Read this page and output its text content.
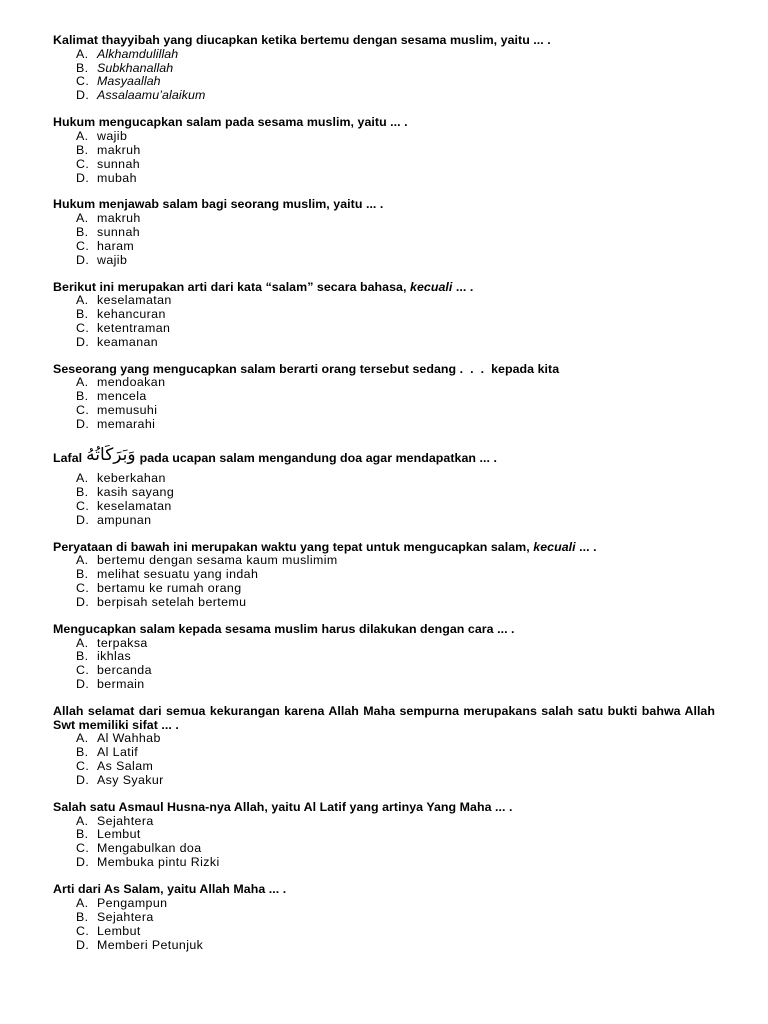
Kalimat thayyibah yang diucapkan ketika bertemu dengan sesama muslim, yaitu ... .
A. Alkhamdulillah
B. Subkhanallah
C. Masyaallah
D. Assalaamu’alaikum
Hukum mengucapkan salam pada sesama muslim, yaitu ... .
A. wajib
B. makruh
C. sunnah
D. mubah
Hukum menjawab salam bagi seorang muslim, yaitu ... .
A. makruh
B. sunnah
C. haram
D. wajib
Berikut ini merupakan arti dari kata “salam” secara bahasa, kecuali ... .
A. keselamatan
B. kehancuran
C. ketentraman
D. keamanan
Seseorang yang mengucapkan salam berarti orang tersebut sedang .  .  .  kepada kita
A. mendoakan
B. mencela
C. memusuhi
D. memarahi
Lafal وَبَرَكَاتُهُ pada ucapan salam mengandung doa agar mendapatkan ... .
A. keberkahan
B. kasih sayang
C. keselamatan
D. ampunan
Peryataan di bawah ini merupakan waktu yang tepat untuk mengucapkan salam, kecuali ... .
A. bertemu dengan sesama kaum muslimim
B. melihat sesuatu yang indah
C. bertamu ke rumah orang
D. berpisah setelah bertemu
Mengucapkan salam kepada sesama muslim harus dilakukan dengan cara ... .
A. terpaksa
B. ikhlas
C. bercanda
D. bermain
Allah selamat dari semua kekurangan karena Allah Maha sempurna merupakans salah satu bukti bahwa Allah Swt memiliki sifat ... .
A. Al Wahhab
B. Al Latif
C. As Salam
D. Asy Syakur
Salah satu Asmaul Husna-nya Allah, yaitu Al Latif yang artinya Yang Maha ... .
A. Sejahtera
B. Lembut
C. Mengabulkan doa
D. Membuka pintu Rizki
Arti dari As Salam, yaitu Allah Maha ... .
A. Pengampun
B. Sejahtera
C. Lembut
D. Memberi Petunjuk
